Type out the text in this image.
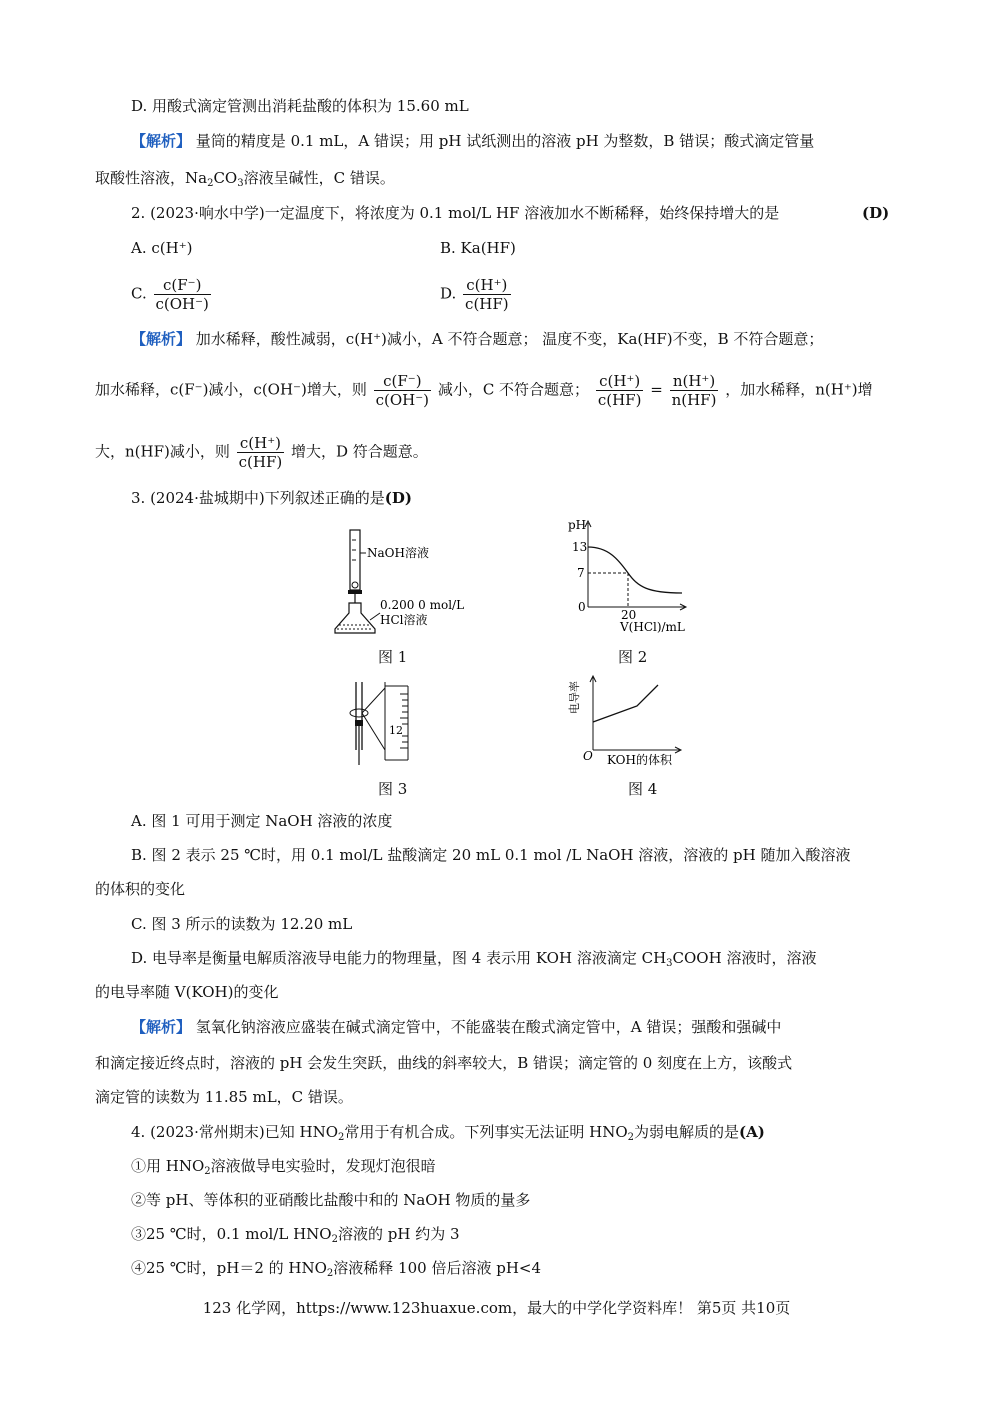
D. 用酸式滴定管测出消耗盐酸的体积为 15.60 mL
【解析】 量筒的精度是 0.1 mL，A 错误；用 pH 试纸测出的溶液 pH 为整数，B 错误；酸式滴定管量
取酸性溶液，$Na_2CO_3$溶液呈碱性，C 错误。
2. (2023·响水中学)一定温度下，将浓度为 0.1 mol/L HF 溶液加水不断稀释，始终保持增大的是	(D)
A. c(H⁺)	B. Ka(HF)
C. $\frac{c(F^-)}{c(OH^-)}$	D. $\frac{c(H^+)}{c(HF)}$
【解析】 加水稀释，酸性减弱，c(H⁺)减小，A 不符合题意； 温度不变，Ka(HF)不变，B 不符合题意；
加水稀释，c(F⁻)减小，c(OH⁻)增大，则 $\frac{c(F^-)}{c(OH^-)}$ 减小，C 不符合题意； $\frac{c(H^+)}{c(HF)} = \frac{n(H^+)}{n(HF)}$ ，加水稀释，n(H⁺)增
大，n(HF)减小，则 $\frac{c(H^+)}{c(HF)}$ 增大，D 符合题意。
3. (2024·盐城期中)下列叙述正确的是(D)
NaOH溶液
0.200 0 mol/L
HCl溶液
图 1
pH
13
7
0
20
V(HCl)/mL
图 2
12
图 3
O KOH的体积
电导率
图 4
A. 图 1 可用于测定 NaOH 溶液的浓度
B. 图 2 表示 25 ℃时，用 0.1 mol/L 盐酸滴定 20 mL 0.1 mol /L NaOH 溶液，溶液的 pH 随加入酸溶液
的体积的变化
C. 图 3 所示的读数为 12.20 mL
D. 电导率是衡量电解质溶液导电能力的物理量，图 4 表示用 KOH 溶液滴定 $CH_3COOH$ 溶液时，溶液
的电导率随 V(KOH)的变化
【解析】 氢氧化钠溶液应盛装在碱式滴定管中，不能盛装在酸式滴定管中，A 错误；强酸和强碱中
和滴定接近终点时，溶液的 pH 会发生突跃，曲线的斜率较大，B 错误；滴定管的 0 刻度在上方，该酸式
滴定管的读数为 11.85 mL，C 错误。
4. (2023·常州期末)已知 $HNO_2$常用于有机合成。下列事实无法证明 $HNO_2$为弱电解质的是(A)
①用 $HNO_2$溶液做导电实验时，发现灯泡很暗
②等 pH、等体积的亚硝酸比盐酸中和的 NaOH 物质的量多
③25 ℃时，0.1 mol/L $HNO_2$溶液的 pH 约为 3
④25 ℃时，pH＝2 的 $HNO_2$溶液稀释 100 倍后溶液 pH<4
123 化学网，https://www.123huaxue.com，最大的中学化学资料库！ 第5页 共10页
